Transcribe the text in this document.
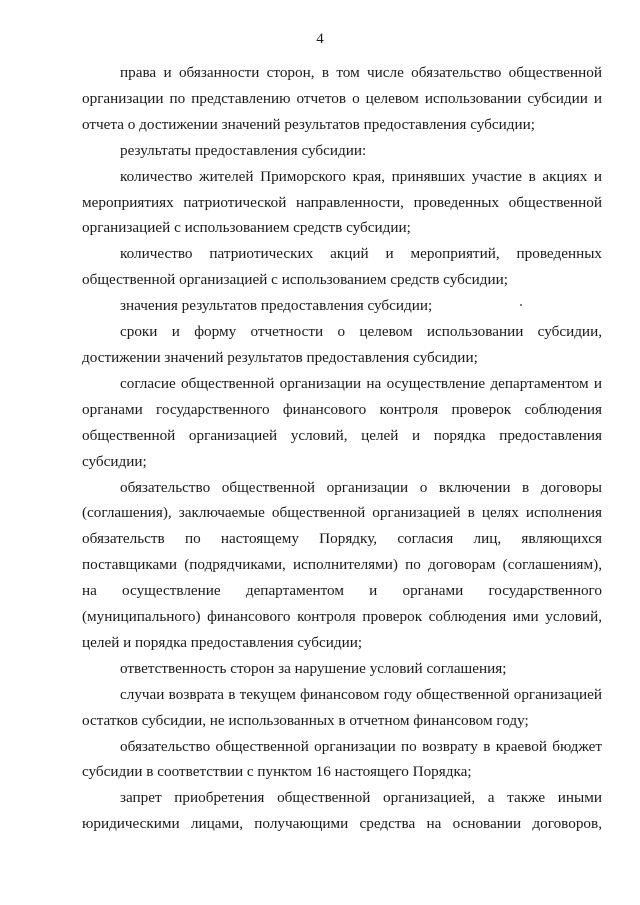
4

права и обязанности сторон, в том числе обязательство общественной организации по представлению отчетов о целевом использовании субсидии и отчета о достижении значений результатов предоставления субсидии;

результаты предоставления субсидии:

количество жителей Приморского края, принявших участие в акциях и мероприятиях патриотической направленности, проведенных общественной организацией с использованием средств субсидии;

количество патриотических акций и мероприятий, проведенных общественной организацией с использованием средств субсидии;

значения результатов предоставления субсидии;

сроки и форму отчетности о целевом использовании субсидии, достижении значений результатов предоставления субсидии;

согласие общественной организации на осуществление департаментом и органами государственного финансового контроля проверок соблюдения общественной организацией условий, целей и порядка предоставления субсидии;

обязательство общественной организации о включении в договоры (соглашения), заключаемые общественной организацией в целях исполнения обязательств по настоящему Порядку, согласия лиц, являющихся поставщиками (подрядчиками, исполнителями) по договорам (соглашениям), на осуществление департаментом и органами государственного (муниципального) финансового контроля проверок соблюдения ими условий, целей и порядка предоставления субсидии;

ответственность сторон за нарушение условий соглашения;

случаи возврата в текущем финансовом году общественной организацией остатков субсидии, не использованных в отчетном финансовом году;

обязательство общественной организации по возврату в краевой бюджет субсидии в соответствии с пунктом 16 настоящего Порядка;

запрет приобретения общественной организацией, а также иными юридическими лицами, получающими средства на основании договоров,
